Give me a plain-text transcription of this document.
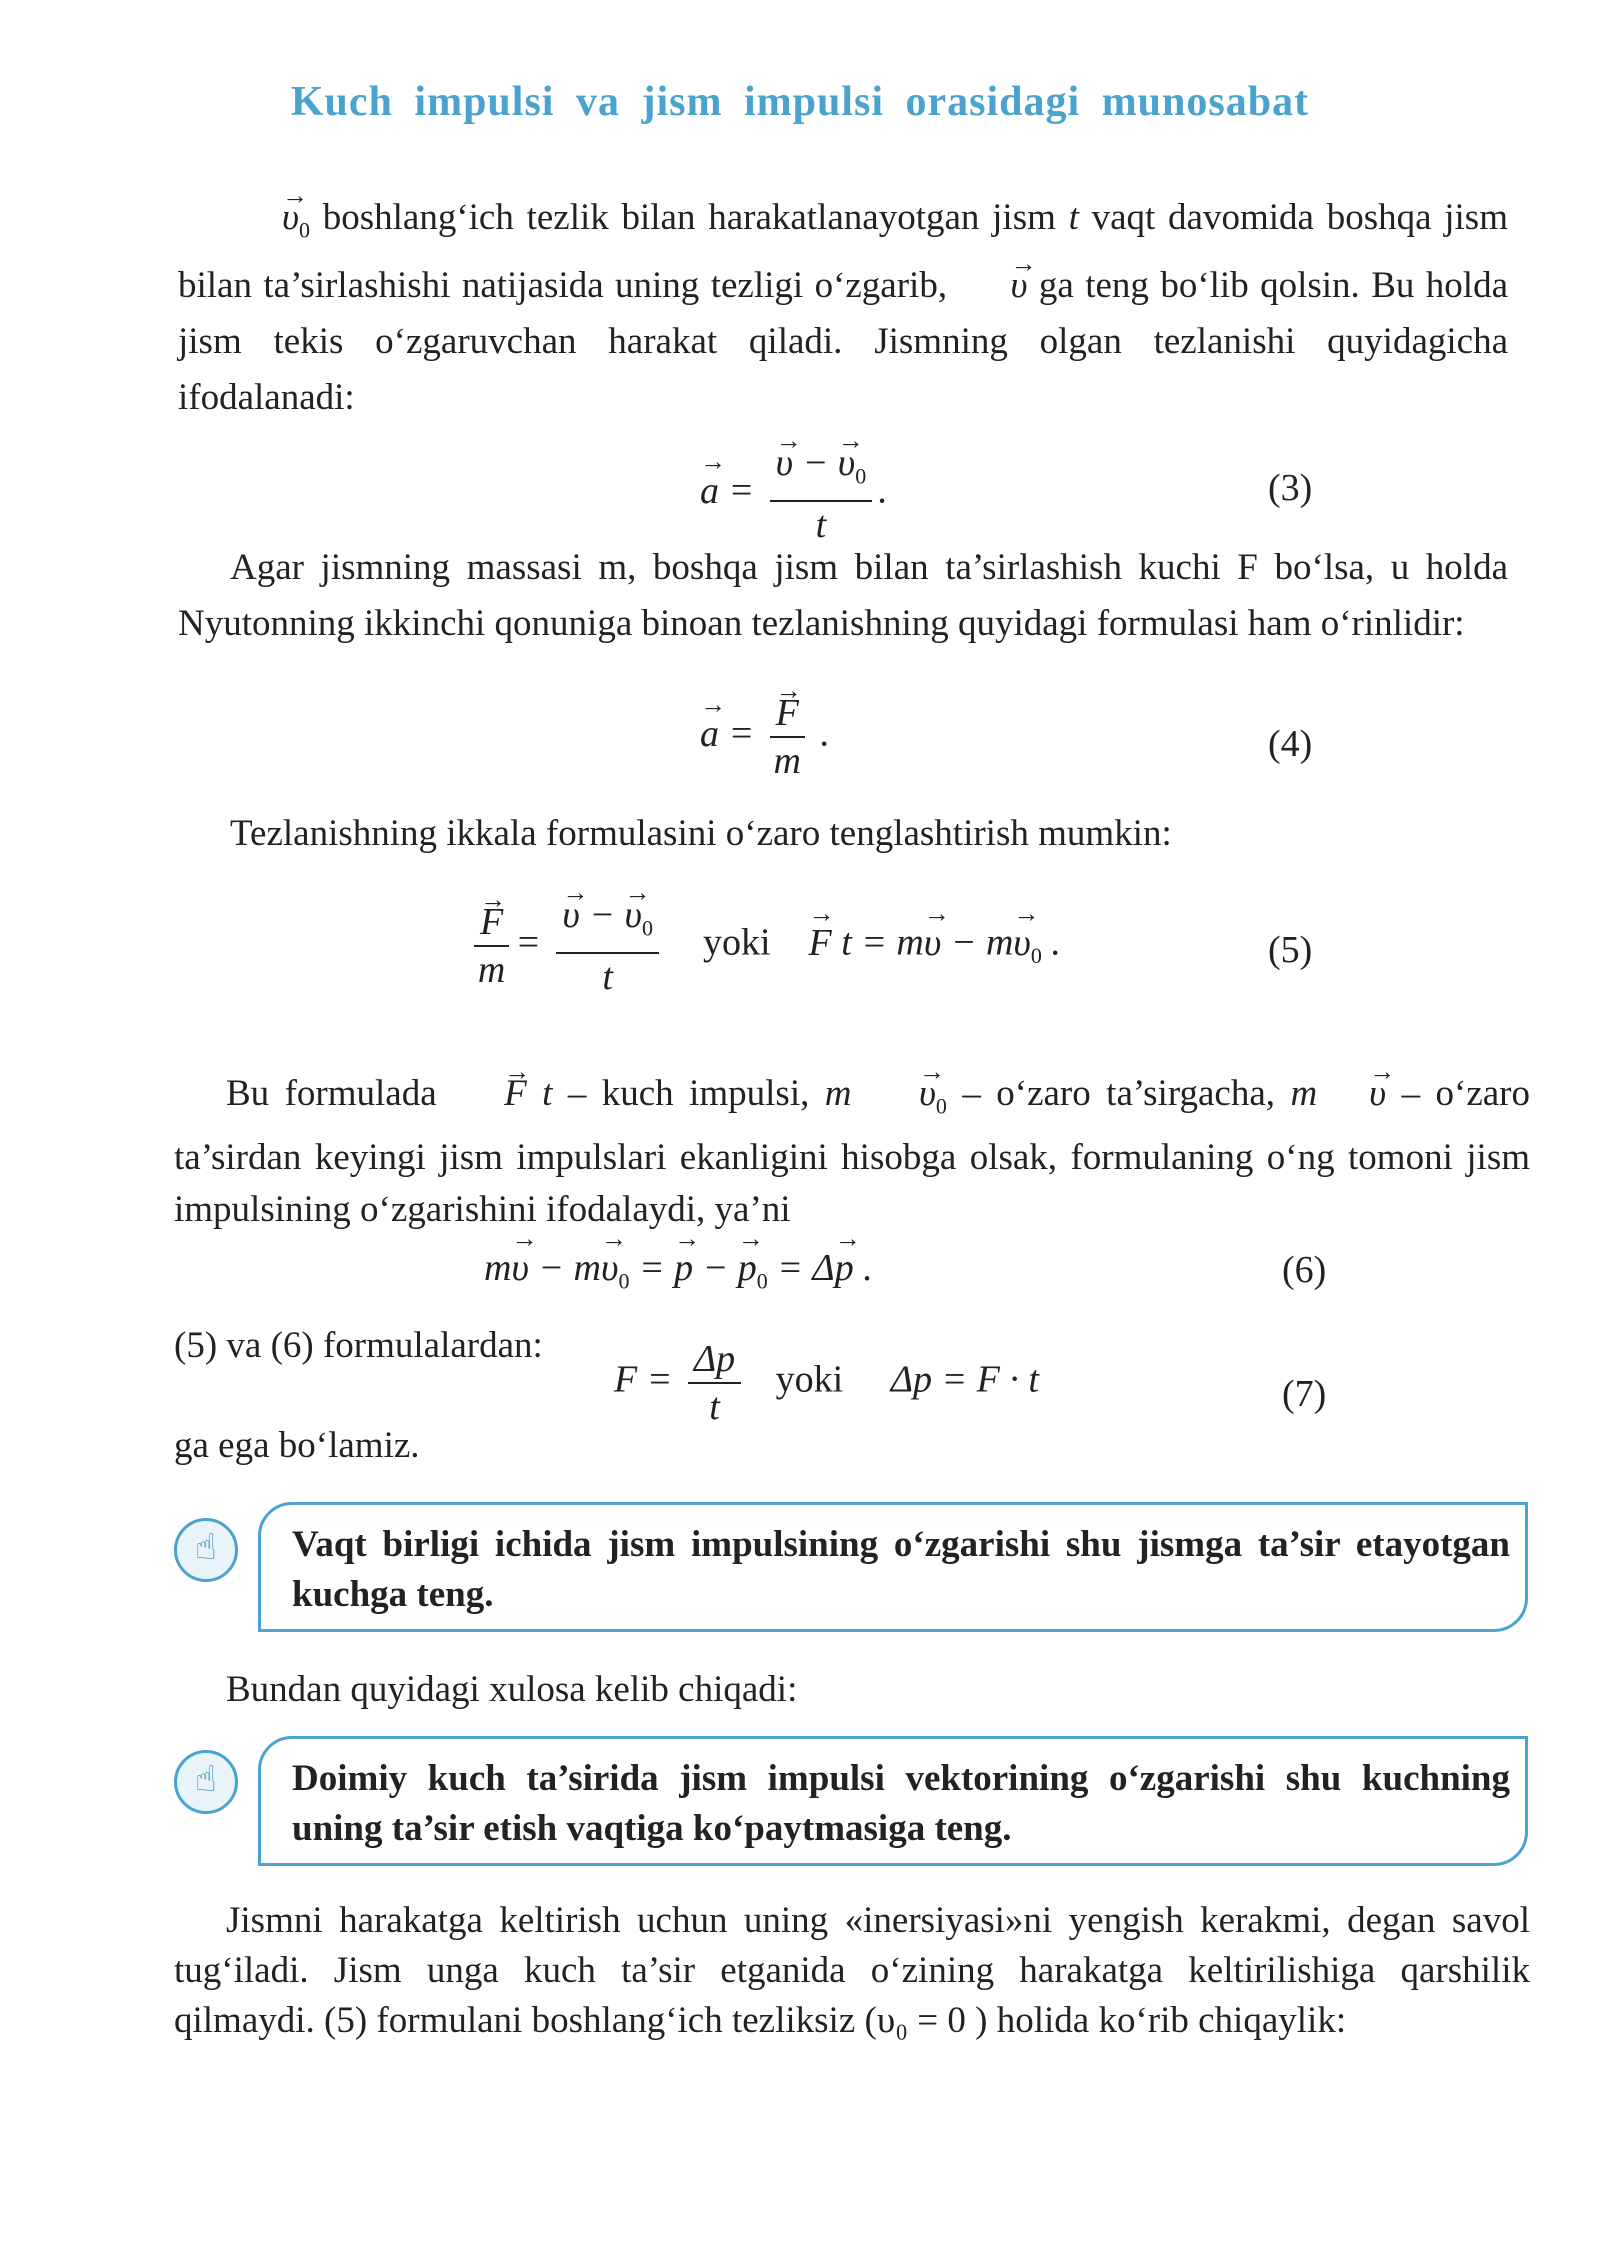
Kuch impulsi va jism impulsi orasidagi munosabat

→ $\upsilon_0$ boshlang‘ich tezlik bilan harakatlanayotgan jism t vaqt davomida boshqa jism bilan ta’sirlashishi natijasida uning tezligi o‘zgarib, → υ ga teng bo‘lib qolsin. Bu holda jism tekis o‘zgaruvchan harakat qiladi. Jismning olgan tezlanishi quyidagicha ifodalanadi:

→ a = → $\frac{\upsilon - \to \upsilon_0}{t}$ .	(3)

Agar jismning massasi m, boshqa jism bilan ta’sirlashish kuchi F bo‘lsa, u holda Nyutonning ikkinchi qonuniga binoan tezlanishning quyidagi formulasi ham o‘rinlidir:

→ a = → $\frac{F}{m}$ .	(4)

Tezlanishning ikkala formulasini o‘zaro tenglashtirish mumkin:

→ $\frac{F}{m}$ = → $\frac{\upsilon - \to \upsilon_0}{t}$ yoki → F $t = m\to \upsilon - m\to \upsilon_0$ .	(5)

Bu formulada → F t – kuch impulsi, $m \to \upsilon_0$ – o‘zaro ta’sirgacha, m → υ – o‘zaro ta’sirdan keyingi jism impulslari ekanligini hisobga olsak, formulaning o‘ng tomoni jism impulsining o‘zgarishini ifodalaydi, ya’ni

$m\to \upsilon - m\to \upsilon_0$ = → p − → $p_0 = \Delta\to p$ .	(6)

(5) va (6) formulalardan:

$F = \frac{\Delta p}{t}$ yoki     Δp = F · t	(7)

ga ega bo‘lamiz.

☝

Vaqt birligi ichida jism impulsining o‘zgarishi shu jismga ta’sir etayotgan kuchga teng.

Bundan quyidagi xulosa kelib chiqadi:

☝

Doimiy kuch ta’sirida jism impulsi vektorining o‘zgarishi shu kuchning uning ta’sir etish vaqtiga ko‘paytmasiga teng.

Jismni harakatga keltirish uchun uning «inersiyasi»ni yengish kerakmi, degan savol tug‘iladi. Jism unga kuch ta’sir etganida o‘zining harakatga keltirilishiga qarshilik qilmaydi. (5) formulani boshlang‘ich tezliksiz (υ₀ = 0 ) holida ko‘rib chiqaylik:
